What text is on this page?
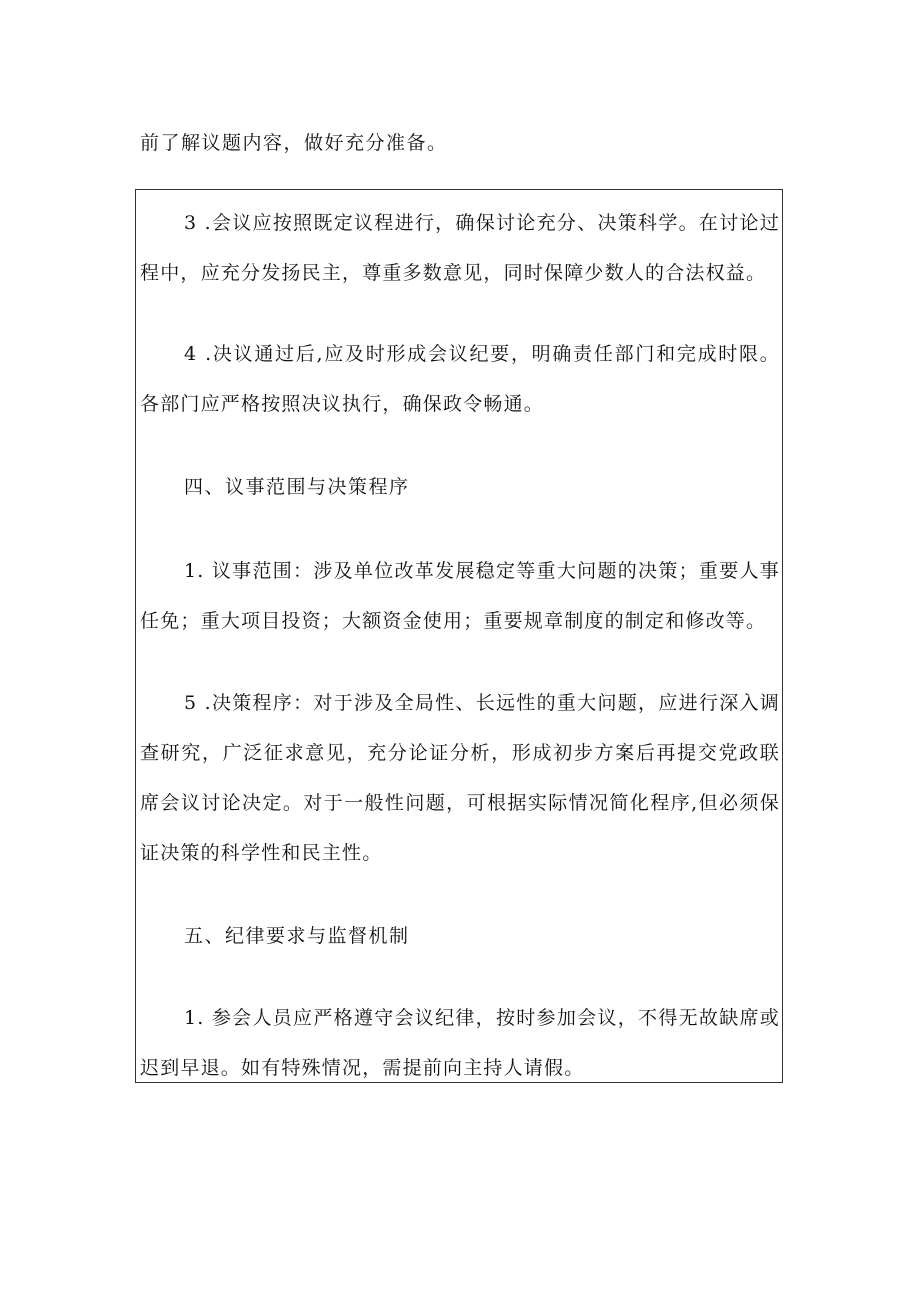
前了解议题内容，做好充分准备。
3 .会议应按照既定议程进行，确保讨论充分、决策科学。在讨论过程中，应充分发扬民主，尊重多数意见，同时保障少数人的合法权益。
4 .决议通过后,应及时形成会议纪要，明确责任部门和完成时限。各部门应严格按照决议执行，确保政令畅通。
四、议事范围与决策程序
1. 议事范围：涉及单位改革发展稳定等重大问题的决策；重要人事任免；重大项目投资；大额资金使用；重要规章制度的制定和修改等。
5 .决策程序：对于涉及全局性、长远性的重大问题，应进行深入调查研究，广泛征求意见，充分论证分析，形成初步方案后再提交党政联席会议讨论决定。对于一般性问题，可根据实际情况简化程序,但必须保证决策的科学性和民主性。
五、纪律要求与监督机制
1. 参会人员应严格遵守会议纪律，按时参加会议，不得无故缺席或迟到早退。如有特殊情况，需提前向主持人请假。
